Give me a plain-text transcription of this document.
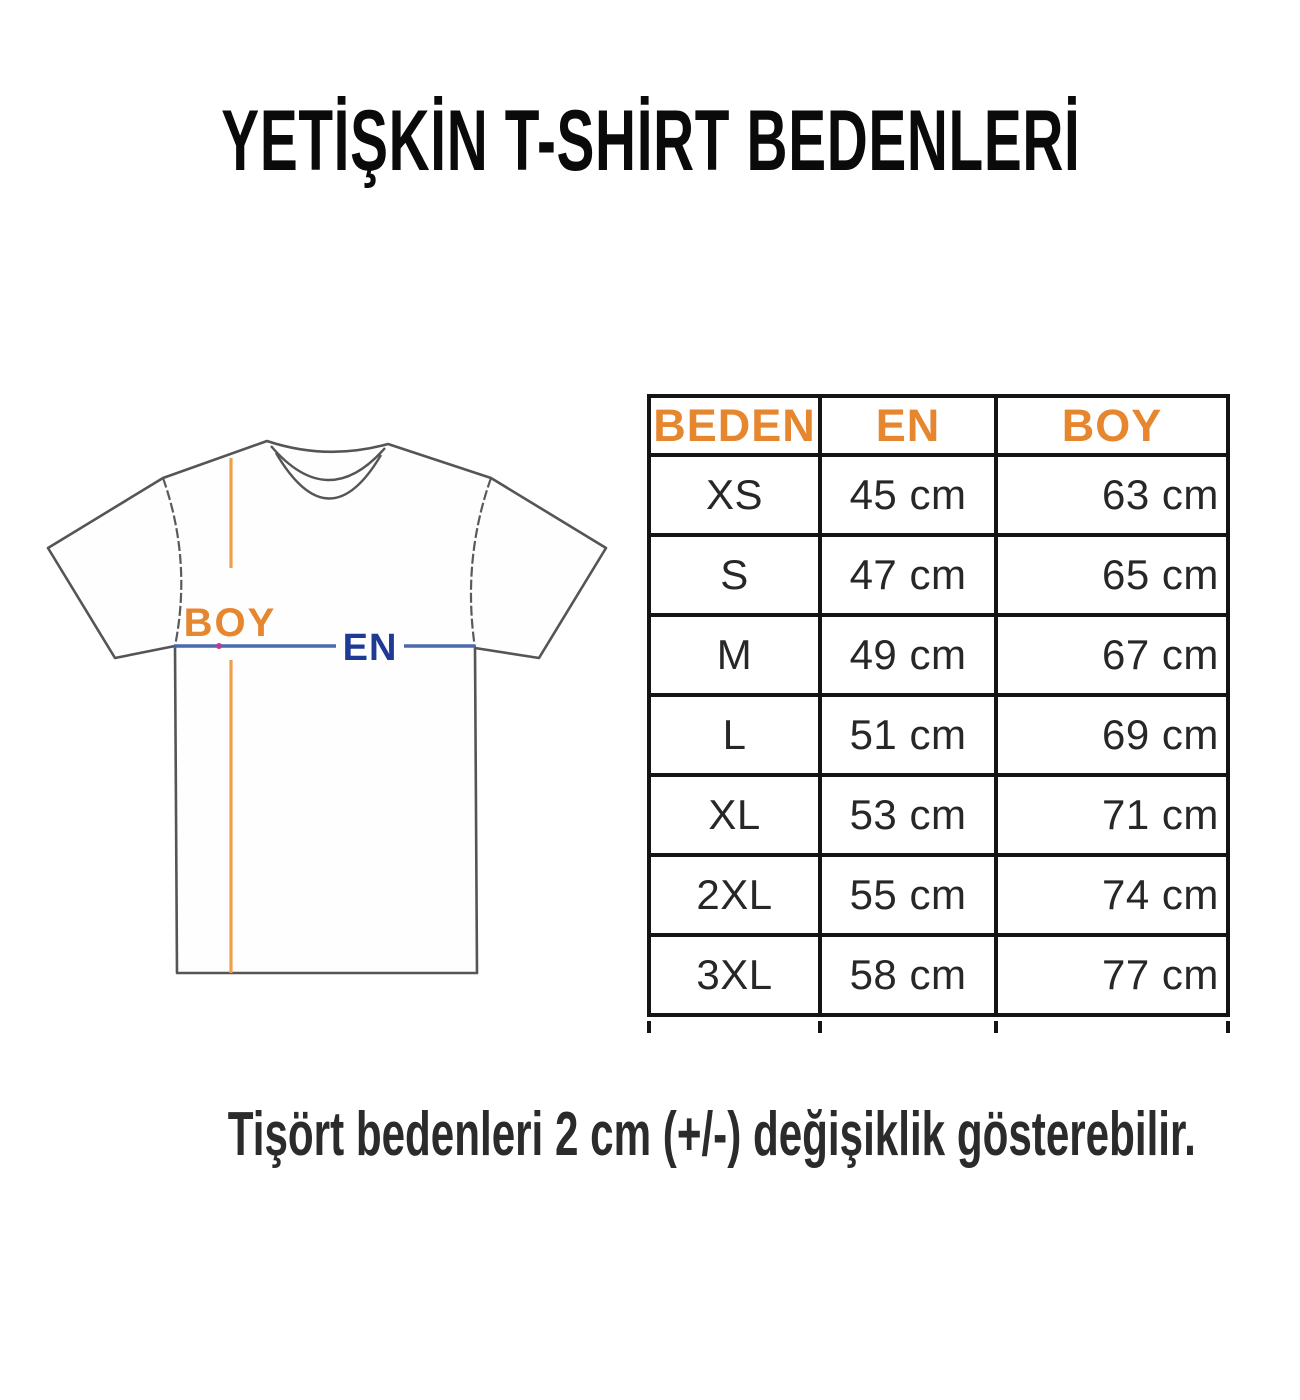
YETİŞKİN T-SHİRT BEDENLERİ
BOY
EN
BEDEN	EN	BOY
XS	45 cm	63 cm
S	47 cm	65 cm
M	49 cm	67 cm
L	51 cm	69 cm
XL	53 cm	71 cm
2XL	55 cm	74 cm
3XL	58 cm	77 cm
Tişört bedenleri 2 cm (+/-) değişiklik gösterebilir.
